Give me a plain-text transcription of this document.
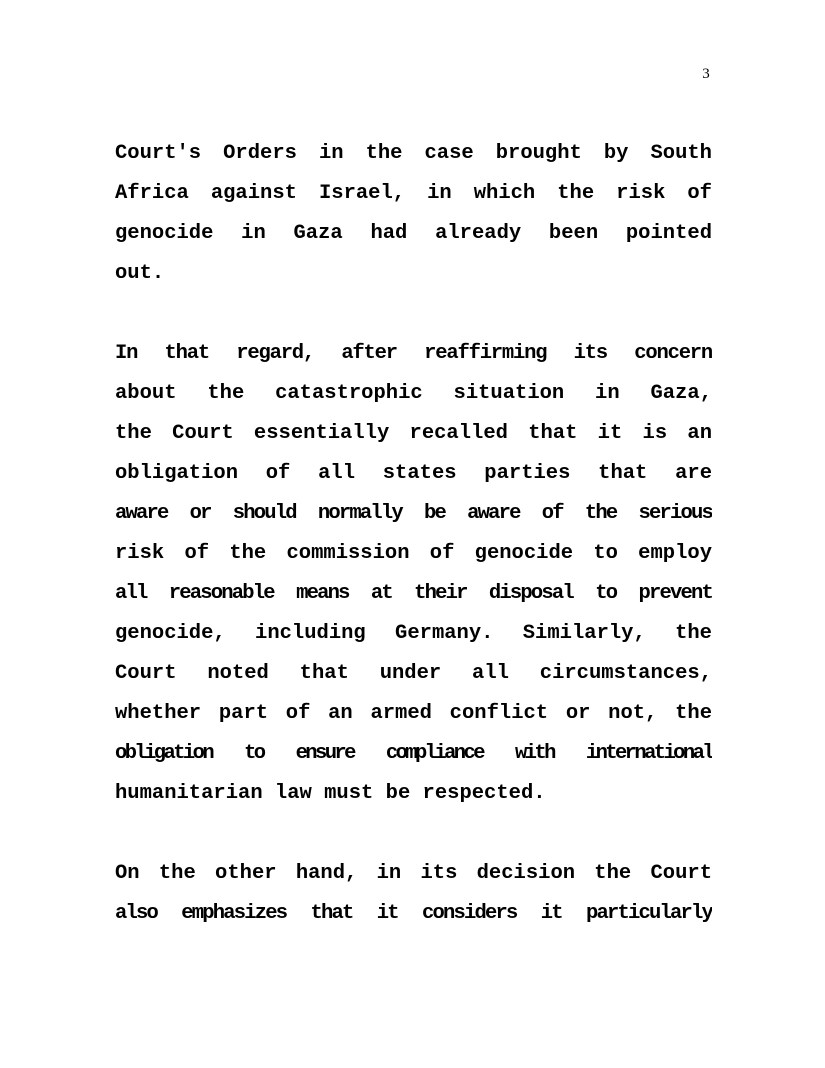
3
Court's Orders in the case brought by South
Africa against Israel, in which the risk of
genocide in Gaza had already been pointed
out.
In that regard, after reaffirming its concern
about the catastrophic situation in Gaza,
the Court essentially recalled that it is an
obligation of all states parties that are
aware or should normally be aware of the serious
risk of the commission of genocide to employ
all reasonable means at their disposal to prevent
genocide, including Germany. Similarly, the
Court noted that under all circumstances,
whether part of an armed conflict or not, the
obligation to ensure compliance with international
humanitarian law must be respected.
On the other hand, in its decision the Court
also emphasizes that it considers it particularly
